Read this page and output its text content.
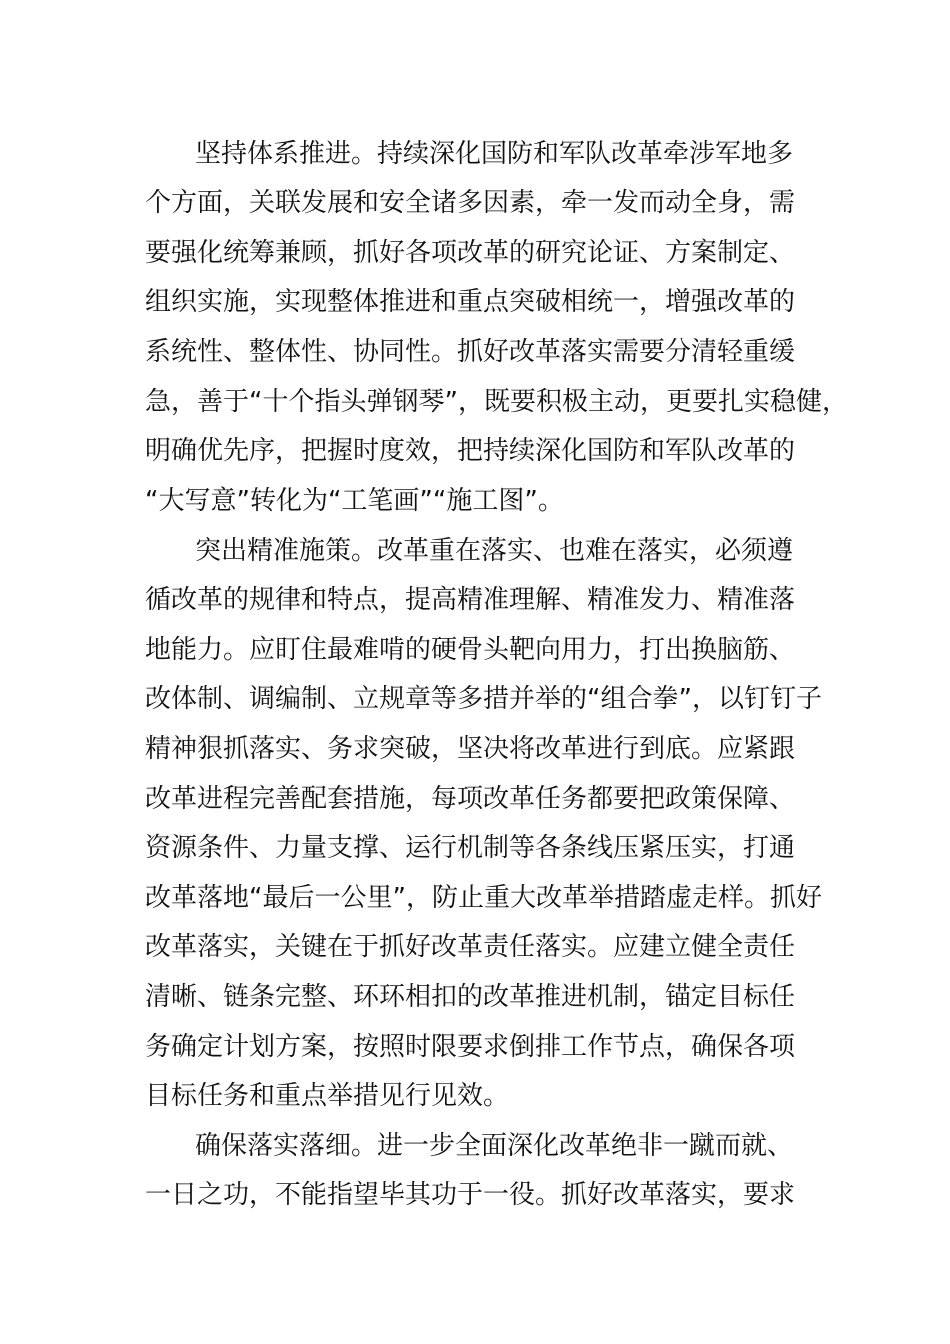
坚持体系推进。持续深化国防和军队改革牵涉军地多
个方面，关联发展和安全诸多因素，牵一发而动全身，需
要强化统筹兼顾，抓好各项改革的研究论证、方案制定、
组织实施，实现整体推进和重点突破相统一，增强改革的
系统性、整体性、协同性。抓好改革落实需要分清轻重缓
急，善于“十个指头弹钢琴”，既要积极主动，更要扎实稳健，
明确优先序，把握时度效，把持续深化国防和军队改革的
“大写意”转化为“工笔画”“施工图”。
突出精准施策。改革重在落实、也难在落实，必须遵
循改革的规律和特点，提高精准理解、精准发力、精准落
地能力。应盯住最难啃的硬骨头靶向用力，打出换脑筋、
改体制、调编制、立规章等多措并举的“组合拳”，以钉钉子
精神狠抓落实、务求突破，坚决将改革进行到底。应紧跟
改革进程完善配套措施，每项改革任务都要把政策保障、
资源条件、力量支撑、运行机制等各条线压紧压实，打通
改革落地“最后一公里”，防止重大改革举措踏虚走样。抓好
改革落实，关键在于抓好改革责任落实。应建立健全责任
清晰、链条完整、环环相扣的改革推进机制，锚定目标任
务确定计划方案，按照时限要求倒排工作节点，确保各项
目标任务和重点举措见行见效。
确保落实落细。进一步全面深化改革绝非一蹴而就、
一日之功，不能指望毕其功于一役。抓好改革落实，要求
